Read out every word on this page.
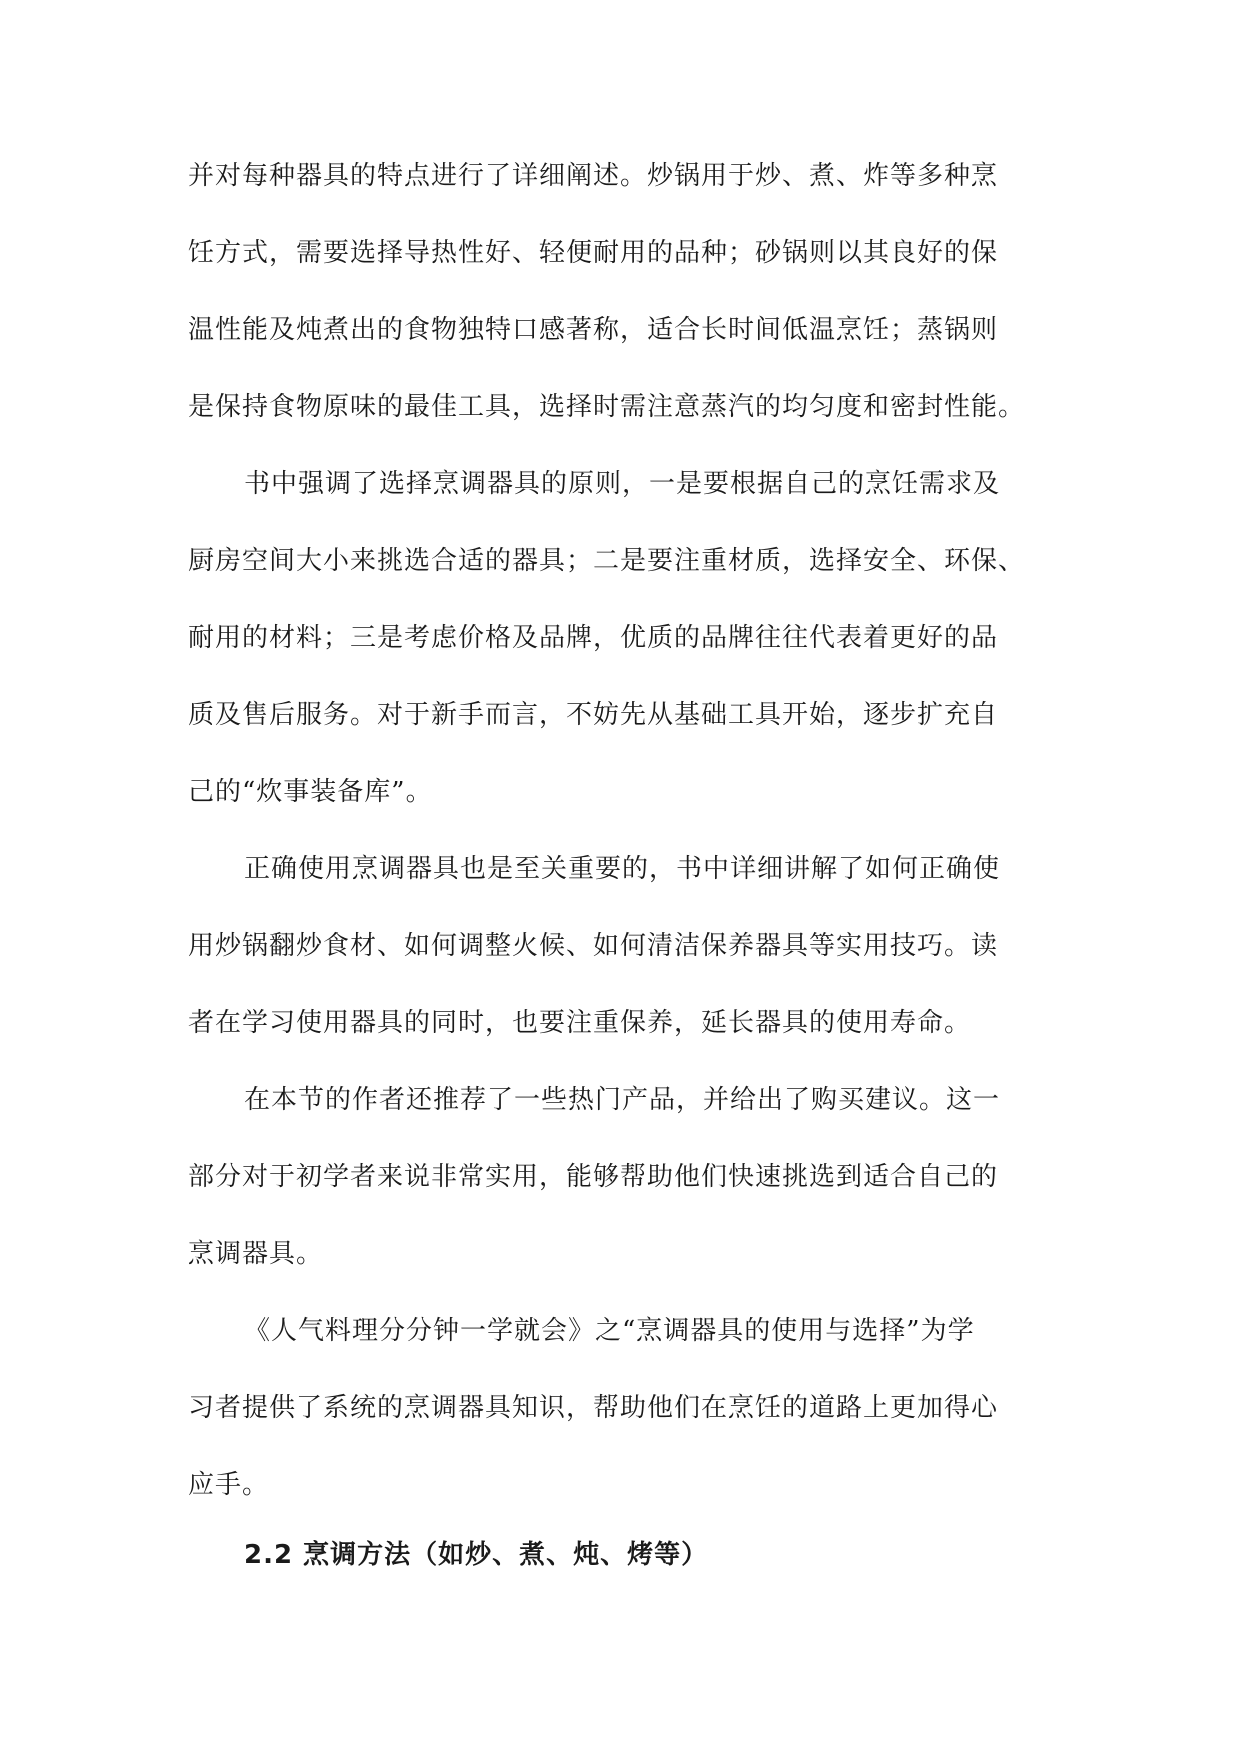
并对每种器具的特点进行了详细阐述。炒锅用于炒、煮、炸等多种烹
饪方式，需要选择导热性好、轻便耐用的品种；砂锅则以其良好的保
温性能及炖煮出的食物独特口感著称，适合长时间低温烹饪；蒸锅则
是保持食物原味的最佳工具，选择时需注意蒸汽的均匀度和密封性能。
书中强调了选择烹调器具的原则，一是要根据自己的烹饪需求及
厨房空间大小来挑选合适的器具；二是要注重材质，选择安全、环保、
耐用的材料；三是考虑价格及品牌，优质的品牌往往代表着更好的品
质及售后服务。对于新手而言，不妨先从基础工具开始，逐步扩充自
己的“炊事装备库”。
正确使用烹调器具也是至关重要的，书中详细讲解了如何正确使
用炒锅翻炒食材、如何调整火候、如何清洁保养器具等实用技巧。读
者在学习使用器具的同时，也要注重保养，延长器具的使用寿命。
在本节的作者还推荐了一些热门产品，并给出了购买建议。这一
部分对于初学者来说非常实用，能够帮助他们快速挑选到适合自己的
烹调器具。
《人气料理分分钟一学就会》之“烹调器具的使用与选择”为学
习者提供了系统的烹调器具知识，帮助他们在烹饪的道路上更加得心
应手。
2.2 烹调方法（如炒、煮、炖、烤等）
